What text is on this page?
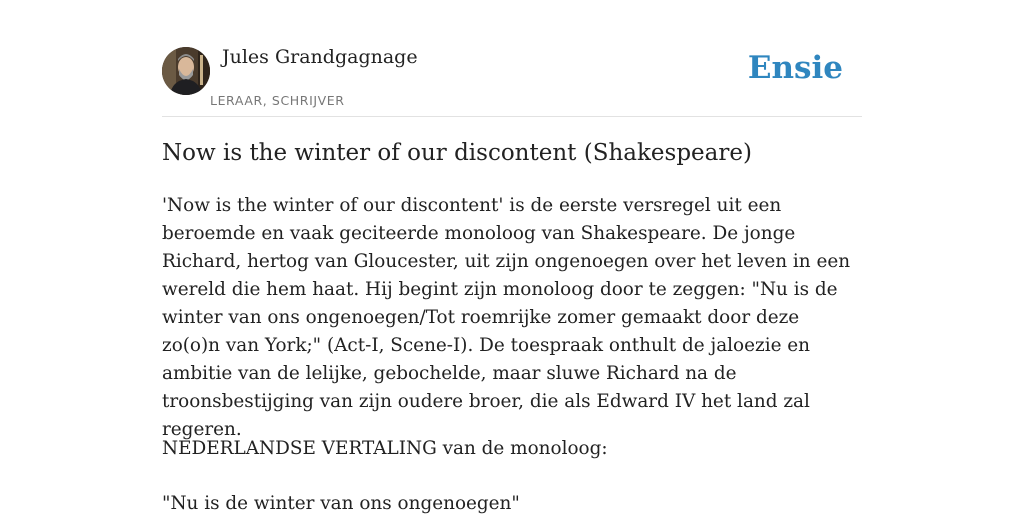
Jules Grandgagnage
LERAAR, SCHRIJVER
Ensie
Now is the winter of our discontent (Shakespeare)

'Now is the winter of our discontent' is de eerste versregel uit een beroemde en vaak geciteerde monoloog van Shakespeare. De jonge Richard, hertog van Gloucester, uit zijn ongenoegen over het leven in een wereld die hem haat. Hij begint zijn monoloog door te zeggen: "Nu is de winter van ons ongenoegen/Tot roemrijke zomer gemaakt door deze zo(o)n van York;" (Act-I, Scene-I). De toespraak onthult de jaloezie en ambitie van de lelijke, gebochelde, maar sluwe Richard na de troonsbestijging van zijn oudere broer, die als Edward IV het land zal regeren.

NEDERLANDSE VERTALING van de monoloog:

"Nu is de winter van ons ongenoegen"
